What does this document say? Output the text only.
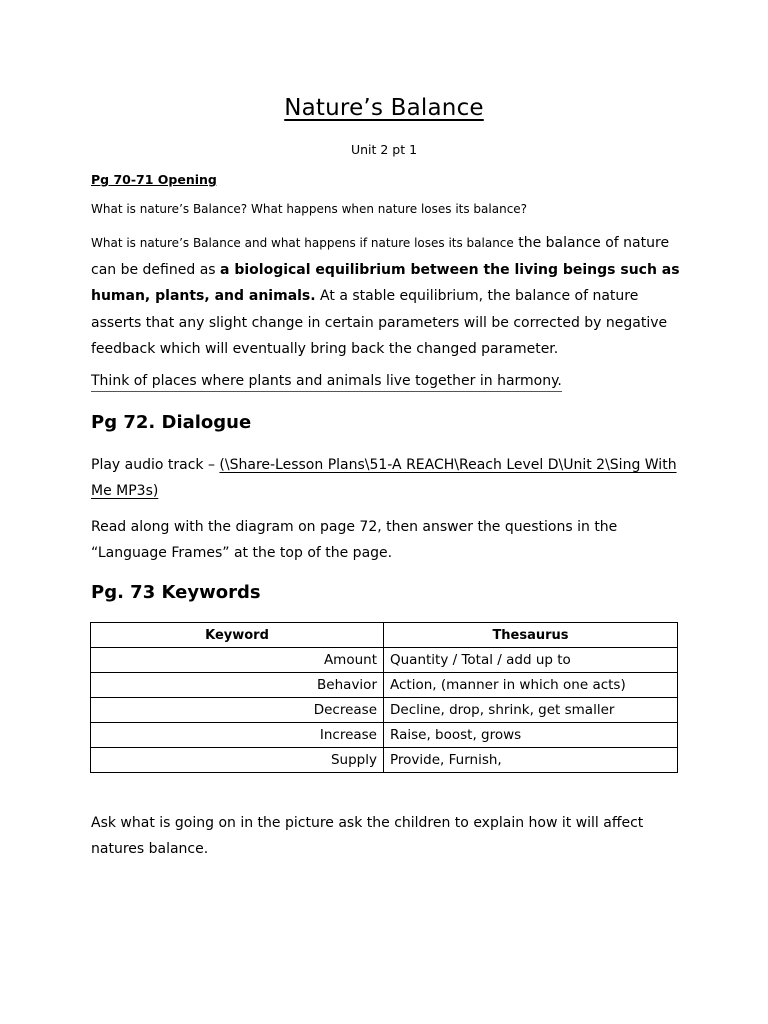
Nature’s Balance
Unit 2 pt 1
Pg 70-71 Opening
What is nature’s Balance? What happens when nature loses its balance?
What is nature’s Balance and what happens if nature loses its balance the balance of nature can be defined as a biological equilibrium between the living beings such as human, plants, and animals. At a stable equilibrium, the balance of nature asserts that any slight change in certain parameters will be corrected by negative feedback which will eventually bring back the changed parameter.
Think of places where plants and animals live together in harmony.
Pg 72. Dialogue
Play audio track – (\Share-Lesson Plans\51-A REACH\Reach Level D\Unit 2\Sing With Me MP3s)
Read along with the diagram on page 72, then answer the questions in the “Language Frames” at the top of the page.
Pg. 73 Keywords
Keyword	Thesaurus
Amount	Quantity / Total / add up to
Behavior	Action, (manner in which one acts)
Decrease	Decline, drop, shrink, get smaller
Increase	Raise, boost, grows
Supply	Provide, Furnish,
Ask what is going on in the picture ask the children to explain how it will affect natures balance.
